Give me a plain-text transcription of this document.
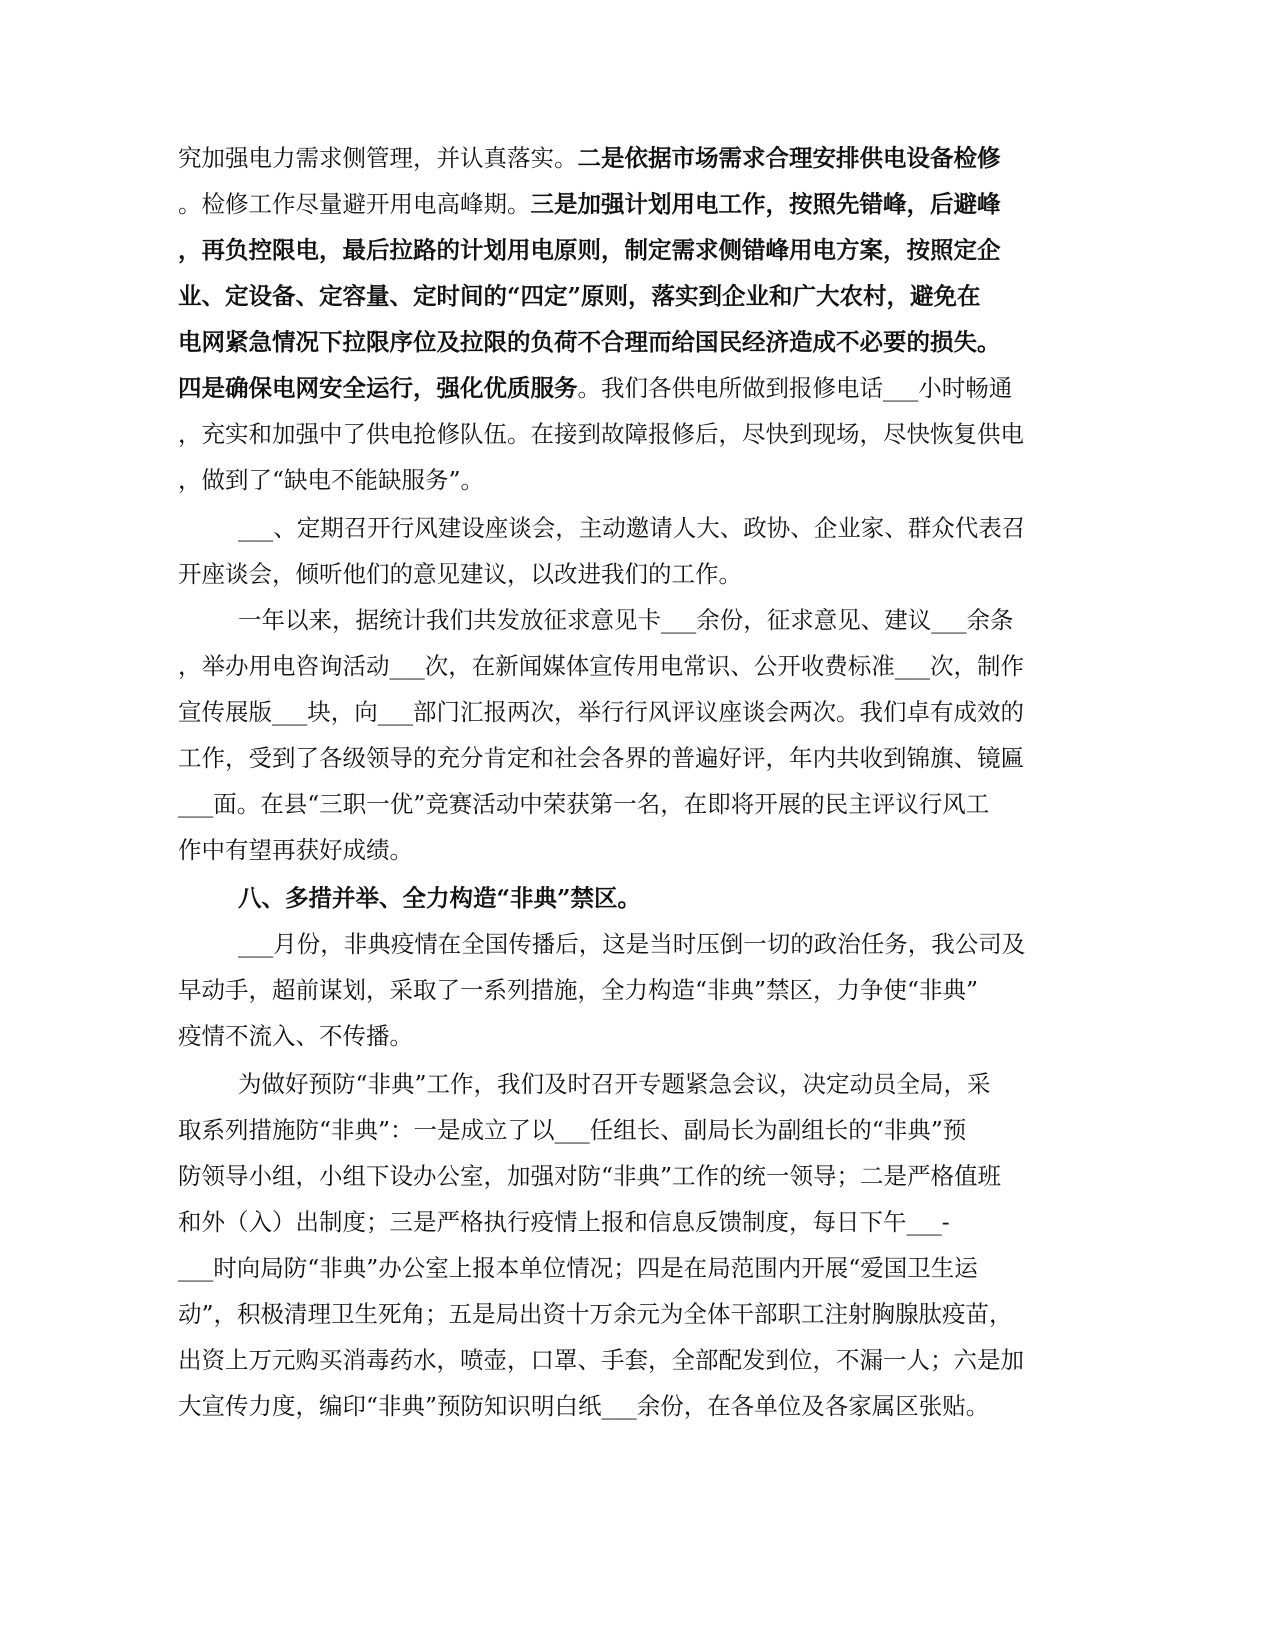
究加强电力需求侧管理，并认真落实。二是依据市场需求合理安排供电设备检修
。检修工作尽量避开用电高峰期。三是加强计划用电工作，按照先错峰，后避峰
，再负控限电，最后拉路的计划用电原则，制定需求侧错峰用电方案，按照定企
业、定设备、定容量、定时间的“四定”原则，落实到企业和广大农村，避免在
电网紧急情况下拉限序位及拉限的负荷不合理而给国民经济造成不必要的损失。
四是确保电网安全运行，强化优质服务。我们各供电所做到报修电话___小时畅通
，充实和加强中了供电抢修队伍。在接到故障报修后，尽快到现场，尽快恢复供电
，做到了“缺电不能缺服务”。
___、定期召开行风建设座谈会，主动邀请人大、政协、企业家、群众代表召
开座谈会，倾听他们的意见建议，以改进我们的工作。
一年以来，据统计我们共发放征求意见卡___余份，征求意见、建议___余条
，举办用电咨询活动___次，在新闻媒体宣传用电常识、公开收费标准___次，制作
宣传展版___块，向___部门汇报两次，举行行风评议座谈会两次。我们卓有成效的
工作，受到了各级领导的充分肯定和社会各界的普遍好评，年内共收到锦旗、镜匾
___面。在县“三职一优”竞赛活动中荣获第一名，在即将开展的民主评议行风工
作中有望再获好成绩。
八、多措并举、全力构造“非典”禁区。
___月份，非典疫情在全国传播后，这是当时压倒一切的政治任务，我公司及
早动手，超前谋划，采取了一系列措施，全力构造“非典”禁区，力争使“非典”
疫情不流入、不传播。
为做好预防“非典”工作，我们及时召开专题紧急会议，决定动员全局，采
取系列措施防“非典”：一是成立了以___任组长、副局长为副组长的“非典”预
防领导小组，小组下设办公室，加强对防“非典”工作的统一领导；二是严格值班
和外（入）出制度；三是严格执行疫情上报和信息反馈制度，每日下午___-
___时向局防“非典”办公室上报本单位情况；四是在局范围内开展“爱国卫生运
动”，积极清理卫生死角；五是局出资十万余元为全体干部职工注射胸腺肽疫苗，
出资上万元购买消毒药水，喷壶，口罩、手套，全部配发到位，不漏一人；六是加
大宣传力度，编印“非典”预防知识明白纸___余份，在各单位及各家属区张贴。
